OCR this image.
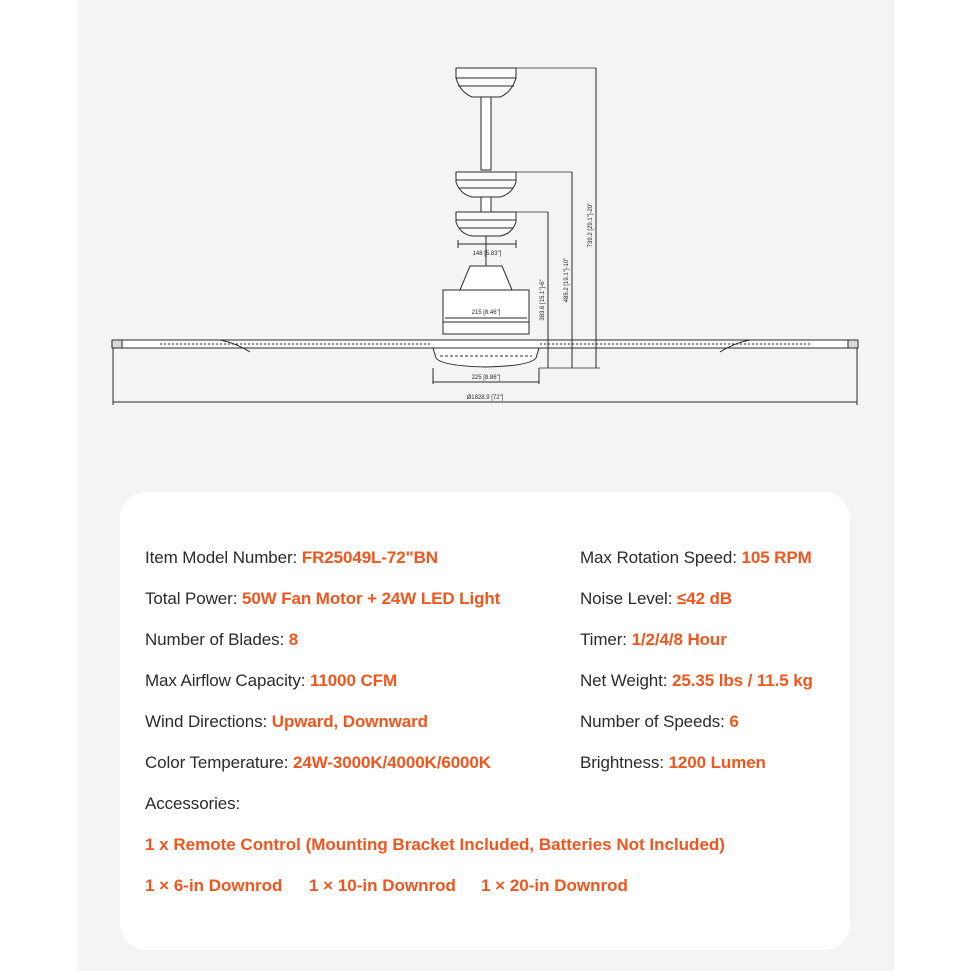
148 [5.83"]
215 [8.46"]
225 [8.86"]
Ø1828.9 [72"]
383.6 [15.1"]-6"	485.2 [19.1"]-10"
739.2 [29.1"]-20"
Item Model Number: FR25049L-72"BN
Total Power: 50W Fan Motor + 24W LED Light
Number of Blades: 8
Max Airflow Capacity: 11000 CFM
Wind Directions: Upward, Downward
Color Temperature: 24W-3000K/4000K/6000K
Max Rotation Speed: 105 RPM
Noise Level: ≤42 dB
Timer: 1/2/4/8 Hour
Net Weight: 25.35 lbs / 11.5 kg
Number of Speeds: 6
Brightness: 1200 Lumen
Accessories:
1 x Remote Control (Mounting Bracket Included, Batteries Not Included)
1 × 6-in Downrod 1 × 10-in Downrod 1 × 20-in Downrod
